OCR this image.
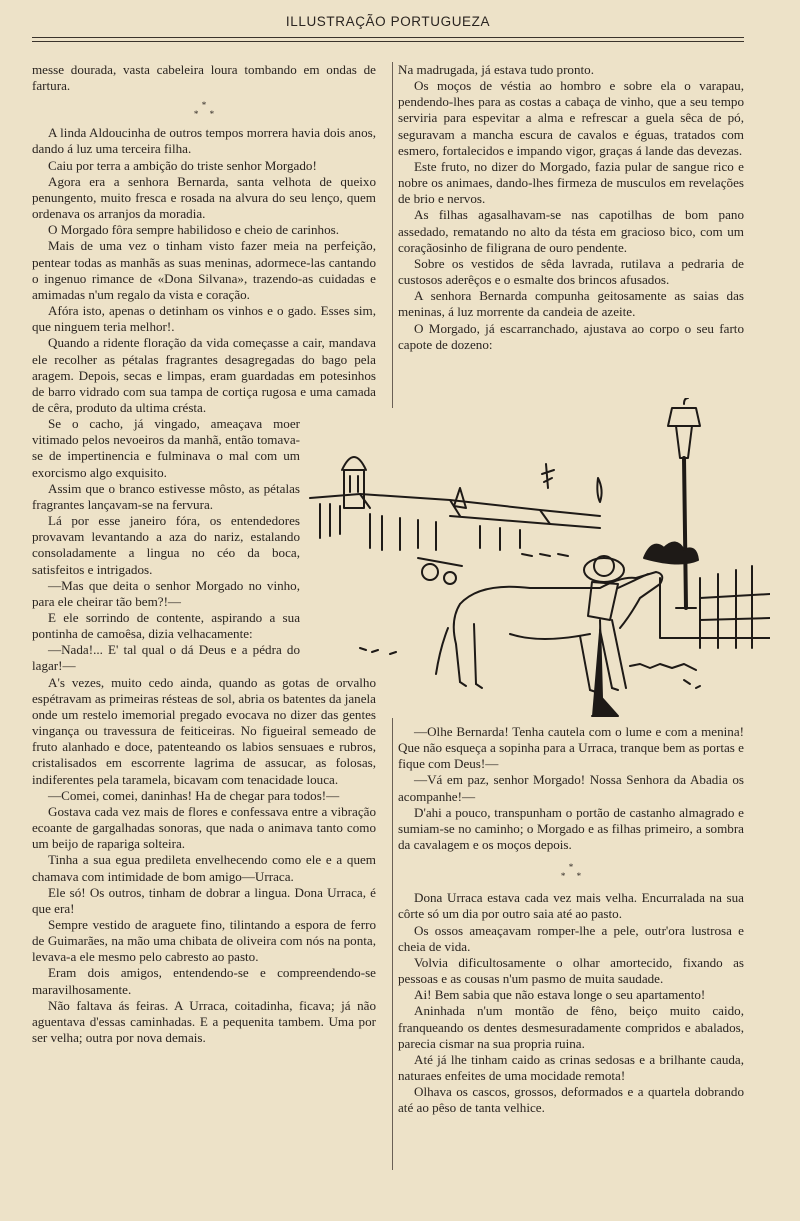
ILLUSTRAÇÃO PORTUGUEZA

messe dourada, vasta cabeleira loura tombando em ondas de fartura.

*
* *

A linda Aldoucinha de outros tempos morrera havia dois anos, dando á luz uma terceira filha.

Caiu por terra a ambição do triste senhor Morgado!

Agora era a senhora Bernarda, santa velhota de queixo penungento, muito fresca e rosada na alvura do seu lenço, quem ordenava os arranjos da moradia.

O Morgado fôra sempre habilidoso e cheio de carinhos.

Mais de uma vez o tinham visto fazer meia na perfeição, pentear todas as manhãs as suas meninas, adormece-las cantando o ingenuo rimance de «Dona Silvana», trazendo-as cuidadas e amimadas n'um regalo da vista e coração.

Afóra isto, apenas o detinham os vinhos e o gado. Esses sim, que ninguem teria melhor!.

Quando a ridente floração da vida começasse a cair, mandava ele recolher as pétalas fragrantes desagregadas do bago pela aragem. Depois, secas e limpas, eram guardadas em potesinhos de barro vidrado com sua tampa de cortiça rugosa e uma camada de cêra, produto da ultima crésta.

Se o cacho, já vingado, ameaçava moer vitimado pelos nevoeiros da manhã, então tomava-se de impertinencia e fulminava o mal com um exorcismo algo exquisito.

Assim que o branco estivesse môsto, as pétalas fragrantes lançavam-se na fervura.

Lá por esse janeiro fóra, os entendedores provavam levantando a aza do nariz, estalando consoladamente a lingua no céo da boca, satisfeitos e intrigados.

—Mas que deita o senhor Morgado no vinho, para ele cheirar tão bem?!—

E ele sorrindo de contente, aspirando a sua pontinha de camoêsa, dizia velhacamente:

—Nada!... E' tal qual o dá Deus e a pédra do lagar!—

A's vezes, muito cedo ainda, quando as gotas de orvalho espétravam as primeiras résteas de sol, abria os batentes da janela onde um restelo imemorial pregado evocava no dizer das gentes vingança ou travessura de feiticeiras. No figueiral semeado de fruto alanhado e doce, patenteando os labios sensuaes e rubros, cristalisados em escorrente lagrima de assucar, as folosas, indiferentes pela taramela, bicavam com tenacidade louca.

—Comei, comei, daninhas! Ha de chegar para todos!—

Gostava cada vez mais de flores e confessava entre a vibração ecoante de gargalhadas sonoras, que nada o animava tanto como um beijo de rapariga solteira.

Tinha a sua egua predileta envelhecendo como ele e a quem chamava com intimidade de bom amigo—Urraca.

Ele só! Os outros, tinham de dobrar a lingua. Dona Urraca, é que era!

Sempre vestido de araguete fino, tilintando a espora de ferro de Guimarães, na mão uma chibata de oliveira com nós na ponta, levava-a ele mesmo pelo cabresto ao pasto.

Eram dois amigos, entendendo-se e compreendendo-se maravilhosamente.

Não faltava ás feiras. A Urraca, coitadinha, ficava; já não aguentava d'essas caminhadas. E a pequenita tambem. Uma por ser velha; outra por nova demais.

Na madrugada, já estava tudo pronto.

Os moços de véstia ao hombro e sobre ela o varapau, pendendo-lhes para as costas a cabaça de vinho, que a seu tempo serviria para espevitar a alma e refrescar a guela sêca de pó, seguravam a mancha escura de cavalos e éguas, tratados com esmero, fortalecidos e impando vigor, graças á lande das devezas.

Este fruto, no dizer do Morgado, fazia pular de sangue rico e nobre os animaes, dando-lhes firmeza de musculos em revelações de brio e nervos.

As filhas agasalhavam-se nas capotilhas de bom pano assedado, rematando no alto da tésta em gracioso bico, com um coraçãosinho de filigrana de ouro pendente.

Sobre os vestidos de sêda lavrada, rutilava a pedraria de custosos aderêços e o esmalte dos brincos afusados.

A senhora Bernarda compunha geitosamente as saias das meninas, á luz morrente da candeia de azeite.

O Morgado, já escarranchado, ajustava ao corpo o seu farto capote de dozeno:

—Olhe Bernarda! Tenha cautela com o lume e com a menina! Que não esqueça a sopinha para a Urraca, tranque bem as portas e fique com Deus!—

—Vá em paz, senhor Morgado! Nossa Senhora da Abadia os acompanhe!—

D'ahi a pouco, transpunham o portão de castanho almagrado e sumiam-se no caminho; o Morgado e as filhas primeiro, a sombra da cavalagem e os moços depois.

*
* *

Dona Urraca estava cada vez mais velha. Encurralada na sua côrte só um dia por outro saia até ao pasto.

Os ossos ameaçavam romper-lhe a pele, outr'ora lustrosa e cheia de vida.

Volvia dificultosamente o olhar amortecido, fixando as pessoas e as cousas n'um pasmo de muita saudade.

Ai! Bem sabia que não estava longe o seu apartamento!

Aninhada n'um montão de fêno, beiço muito caido, franqueando os dentes desmesuradamente compridos e abalados, parecia cismar na sua propria ruina.

Até já lhe tinham caido as crinas sedosas e a brilhante cauda, naturaes enfeites de uma mocidade remota!

Olhava os cascos, grossos, deformados e a quartela dobrando até ao pêso de tanta velhice.
